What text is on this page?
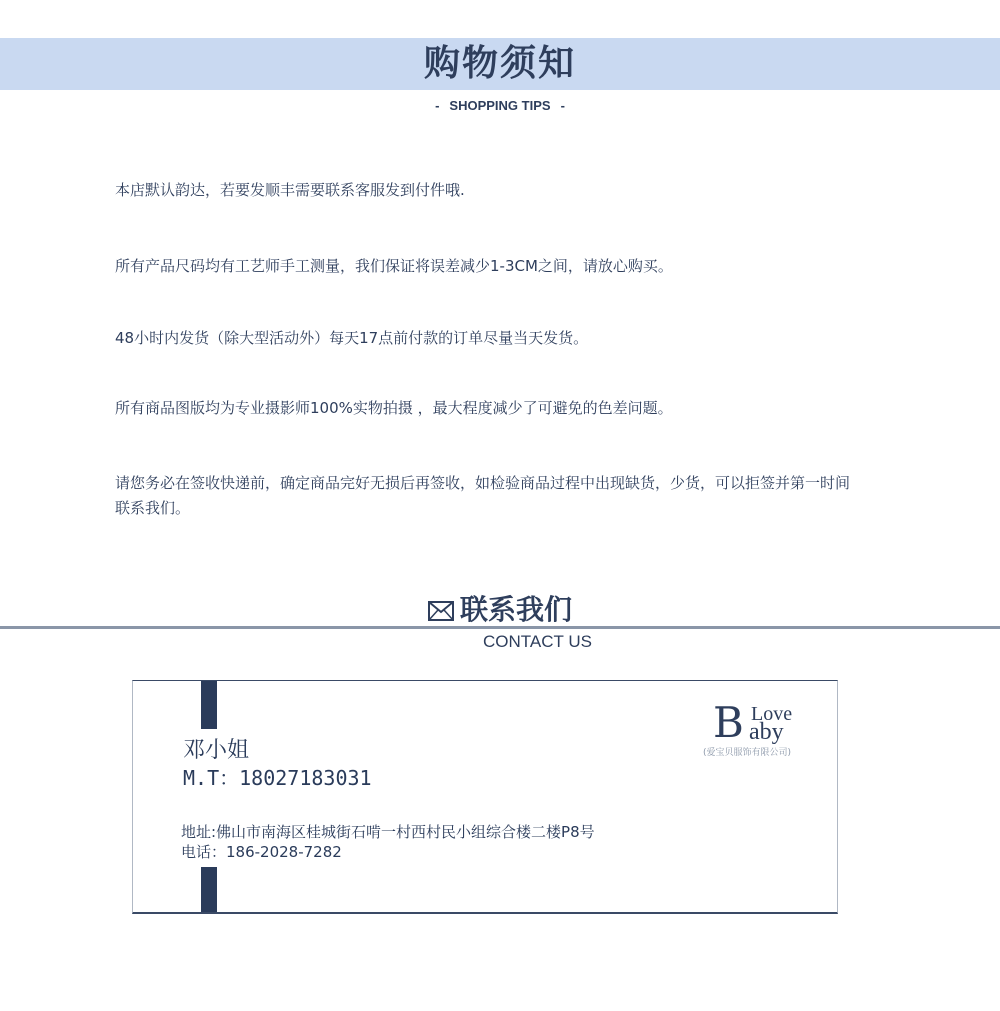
购物须知
- SHOPPING TIPS -
本店默认韵达，若要发顺丰需要联系客服发到付件哦.
所有产品尺码均有工艺师手工测量，我们保证将误差减少1-3CM之间，请放心购买。
48小时内发货（除大型活动外）每天17点前付款的订单尽量当天发货。
所有商品图版均为专业摄影师100%实物拍摄 ，最大程度减少了可避免的色差问题。
请您务必在签收快递前，确定商品完好无损后再签收，如检验商品过程中出现缺货，少货，可以拒签并第一时间联系我们。
联系我们
CONTACT US
邓小姐
M.T：18027183031
地址:佛山市南海区桂城街石啃一村西村民小组综合楼二楼P8号
电话：186-2028-7282
B Love
aby
(爱宝贝服饰有限公司)
